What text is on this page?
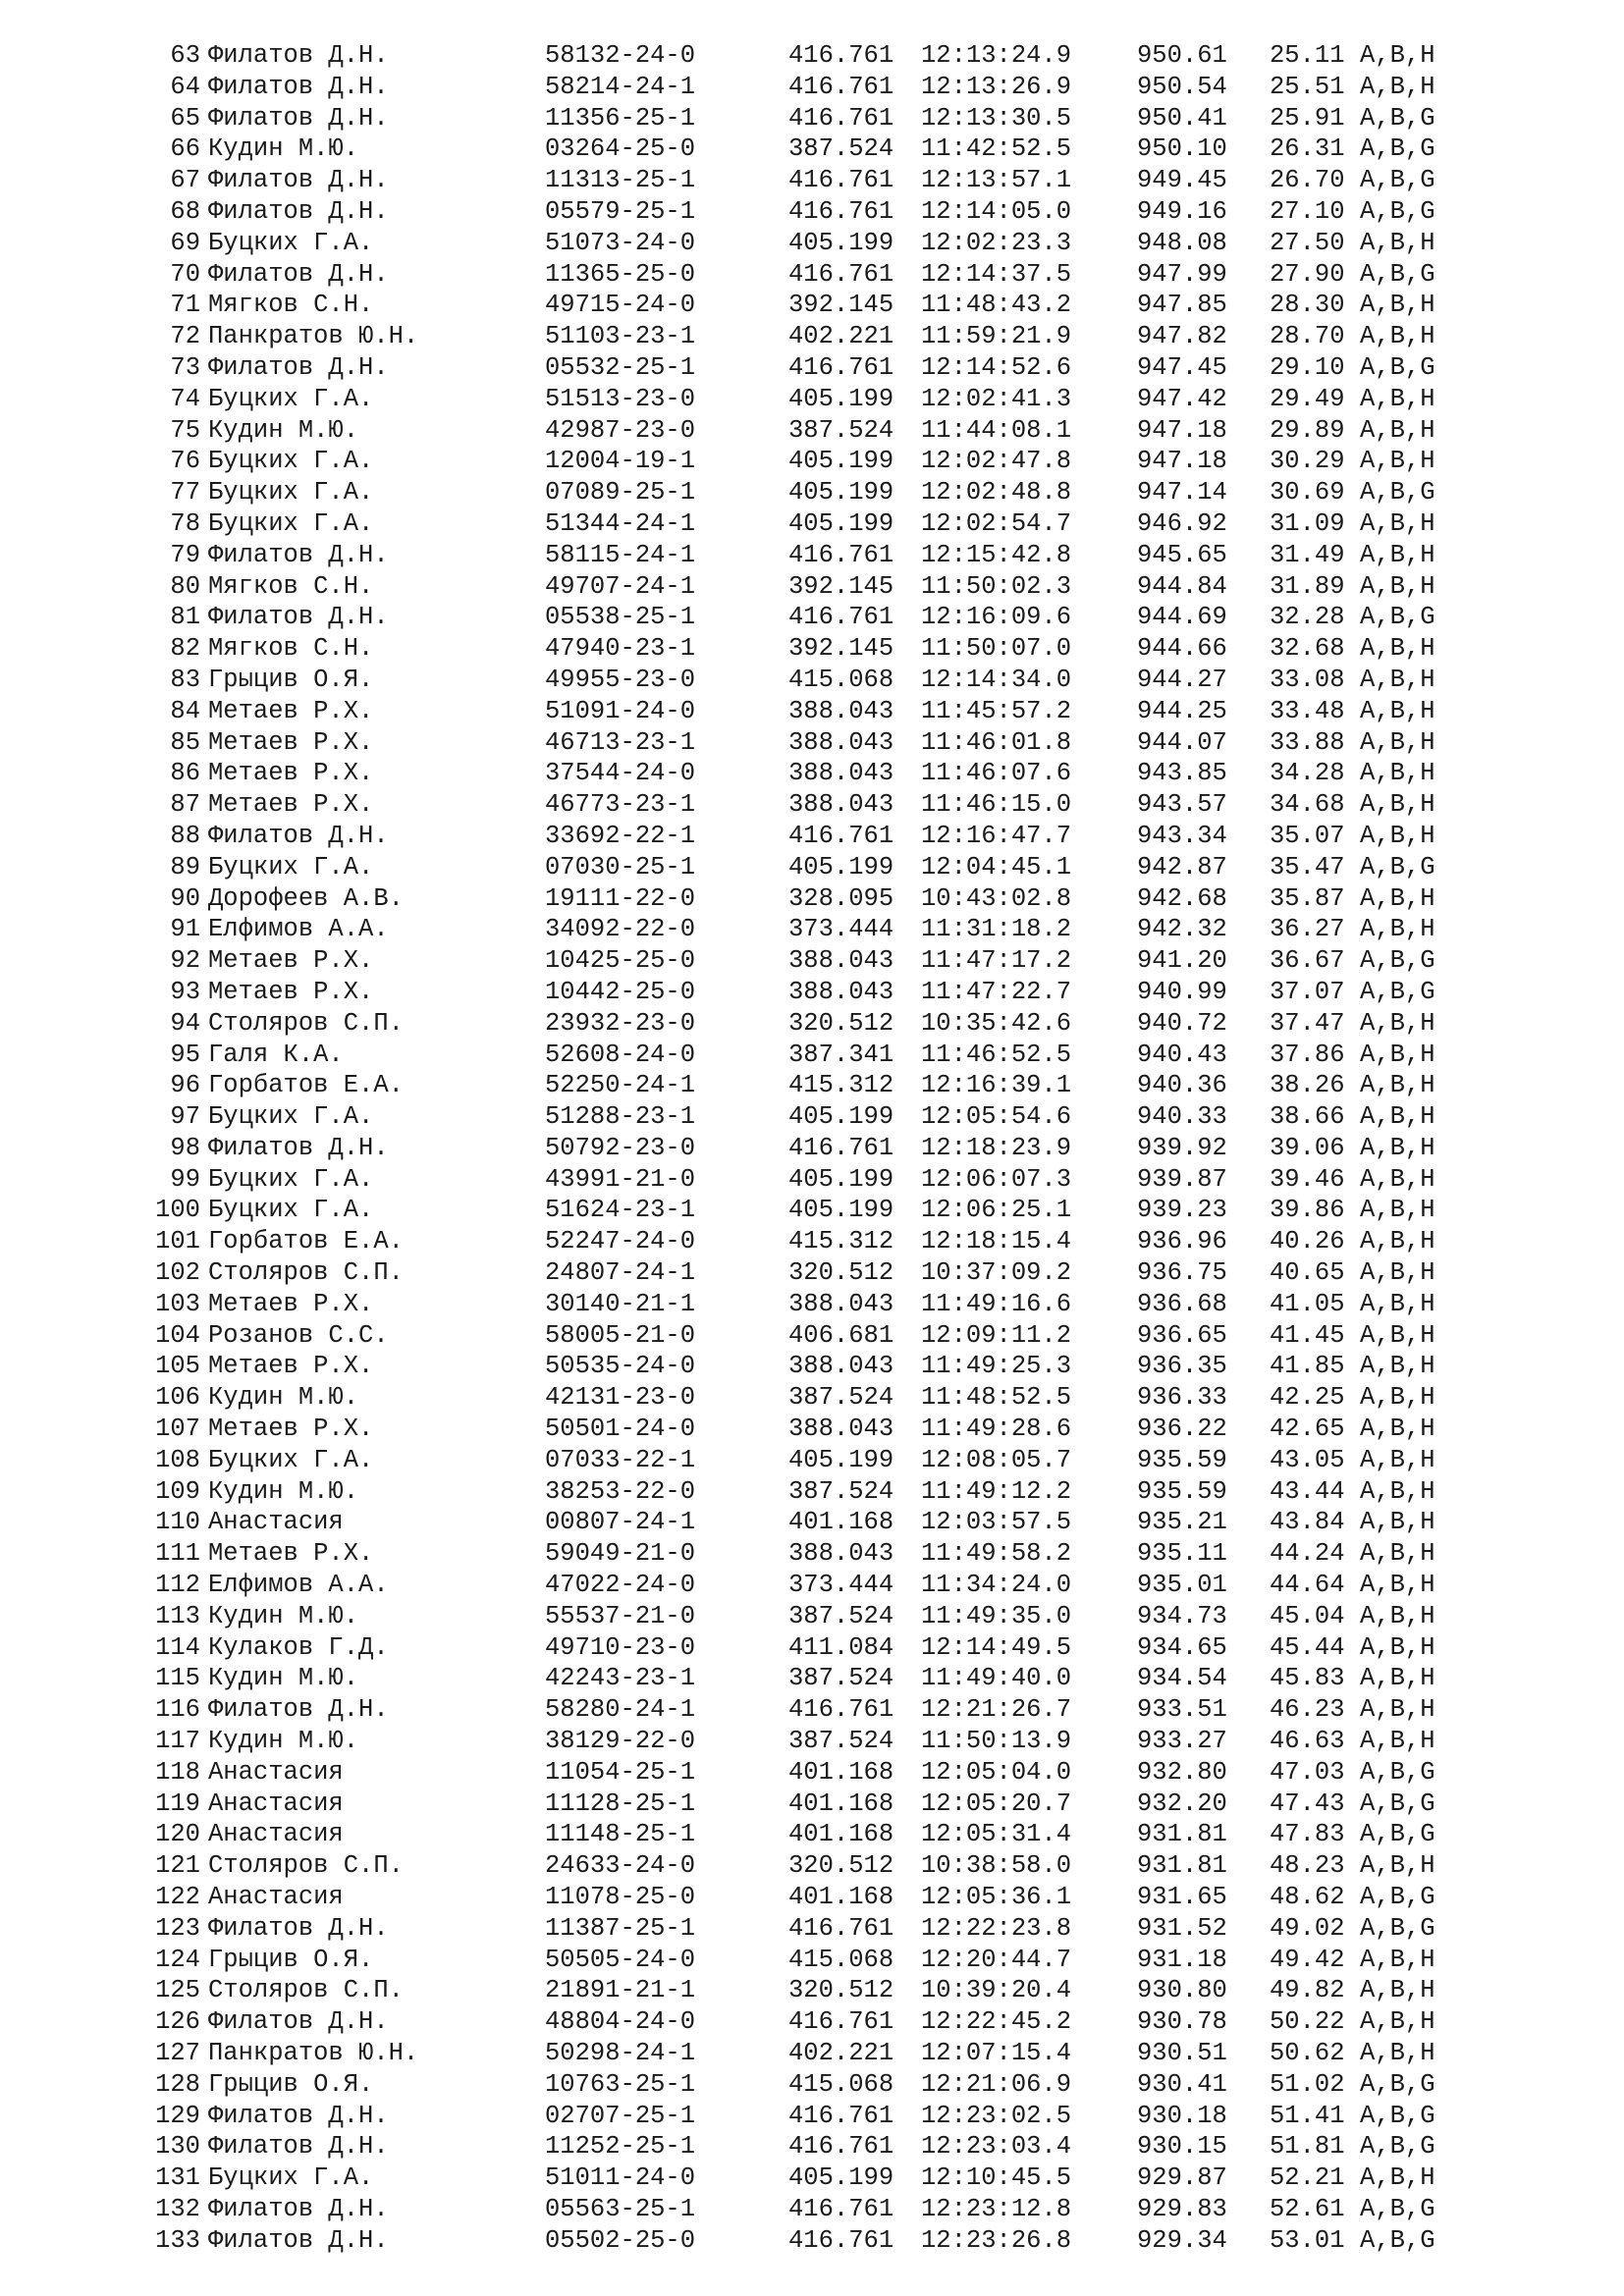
63 Филатов Д.Н.	58132-24-0	416.761 12:13:24.9	950.61 25.11 A,B,H
64 Филатов Д.Н.	58214-24-1	416.761 12:13:26.9	950.54 25.51 A,B,H
65 Филатов Д.Н.	11356-25-1	416.761 12:13:30.5	950.41 25.91 A,B,G
66 Кудин М.Ю.	03264-25-0	387.524 11:42:52.5	950.10 26.31 A,B,G
67 Филатов Д.Н.	11313-25-1	416.761 12:13:57.1	949.45 26.70 A,B,G
68 Филатов Д.Н.	05579-25-1	416.761 12:14:05.0	949.16 27.10 A,B,G
69 Буцких Г.А.	51073-24-0	405.199 12:02:23.3	948.08 27.50 A,B,H
70 Филатов Д.Н.	11365-25-0	416.761 12:14:37.5	947.99 27.90 A,B,G
71 Мягков С.Н.	49715-24-0	392.145 11:48:43.2	947.85 28.30 A,B,H
72 Панкратов Ю.Н.	51103-23-1	402.221 11:59:21.9	947.82 28.70 A,B,H
73 Филатов Д.Н.	05532-25-1	416.761 12:14:52.6	947.45 29.10 A,B,G
74 Буцких Г.А.	51513-23-0	405.199 12:02:41.3	947.42 29.49 A,B,H
75 Кудин М.Ю.	42987-23-0	387.524 11:44:08.1	947.18 29.89 A,B,H
76 Буцких Г.А.	12004-19-1	405.199 12:02:47.8	947.18 30.29 A,B,H
77 Буцких Г.А.	07089-25-1	405.199 12:02:48.8	947.14 30.69 A,B,G
78 Буцких Г.А.	51344-24-1	405.199 12:02:54.7	946.92 31.09 A,B,H
79 Филатов Д.Н.	58115-24-1	416.761 12:15:42.8	945.65 31.49 A,B,H
80 Мягков С.Н.	49707-24-1	392.145 11:50:02.3	944.84 31.89 A,B,H
81 Филатов Д.Н.	05538-25-1	416.761 12:16:09.6	944.69 32.28 A,B,G
82 Мягков С.Н.	47940-23-1	392.145 11:50:07.0	944.66 32.68 A,B,H
83 Грыцив О.Я.	49955-23-0	415.068 12:14:34.0	944.27 33.08 A,B,H
84 Метаев Р.Х.	51091-24-0	388.043 11:45:57.2	944.25 33.48 A,B,H
85 Метаев Р.Х.	46713-23-1	388.043 11:46:01.8	944.07 33.88 A,B,H
86 Метаев Р.Х.	37544-24-0	388.043 11:46:07.6	943.85 34.28 A,B,H
87 Метаев Р.Х.	46773-23-1	388.043 11:46:15.0	943.57 34.68 A,B,H
88 Филатов Д.Н.	33692-22-1	416.761 12:16:47.7	943.34 35.07 A,B,H
89 Буцких Г.А.	07030-25-1	405.199 12:04:45.1	942.87 35.47 A,B,G
90 Дорофеев А.В.	19111-22-0	328.095 10:43:02.8	942.68 35.87 A,B,H
91 Елфимов А.А.	34092-22-0	373.444 11:31:18.2	942.32 36.27 A,B,H
92 Метаев Р.Х.	10425-25-0	388.043 11:47:17.2	941.20 36.67 A,B,G
93 Метаев Р.Х.	10442-25-0	388.043 11:47:22.7	940.99 37.07 A,B,G
94 Столяров С.П.	23932-23-0	320.512 10:35:42.6	940.72 37.47 A,B,H
95 Галя К.А.	52608-24-0	387.341 11:46:52.5	940.43 37.86 A,B,H
96 Горбатов Е.А.	52250-24-1	415.312 12:16:39.1	940.36 38.26 A,B,H
97 Буцких Г.А.	51288-23-1	405.199 12:05:54.6	940.33 38.66 A,B,H
98 Филатов Д.Н.	50792-23-0	416.761 12:18:23.9	939.92 39.06 A,B,H
99 Буцких Г.А.	43991-21-0	405.199 12:06:07.3	939.87 39.46 A,B,H
100 Буцких Г.А.	51624-23-1	405.199 12:06:25.1	939.23 39.86 A,B,H
101 Горбатов Е.А.	52247-24-0	415.312 12:18:15.4	936.96 40.26 A,B,H
102 Столяров С.П.	24807-24-1	320.512 10:37:09.2	936.75 40.65 A,B,H
103 Метаев Р.Х.	30140-21-1	388.043 11:49:16.6	936.68 41.05 A,B,H
104 Розанов С.С.	58005-21-0	406.681 12:09:11.2	936.65 41.45 A,B,H
105 Метаев Р.Х.	50535-24-0	388.043 11:49:25.3	936.35 41.85 A,B,H
106 Кудин М.Ю.	42131-23-0	387.524 11:48:52.5	936.33 42.25 A,B,H
107 Метаев Р.Х.	50501-24-0	388.043 11:49:28.6	936.22 42.65 A,B,H
108 Буцких Г.А.	07033-22-1	405.199 12:08:05.7	935.59 43.05 A,B,H
109 Кудин М.Ю.	38253-22-0	387.524 11:49:12.2	935.59 43.44 A,B,H
110 Анастасия	00807-24-1	401.168 12:03:57.5	935.21 43.84 A,B,H
111 Метаев Р.Х.	59049-21-0	388.043 11:49:58.2	935.11 44.24 A,B,H
112 Елфимов А.А.	47022-24-0	373.444 11:34:24.0	935.01 44.64 A,B,H
113 Кудин М.Ю.	55537-21-0	387.524 11:49:35.0	934.73 45.04 A,B,H
114 Кулаков Г.Д.	49710-23-0	411.084 12:14:49.5	934.65 45.44 A,B,H
115 Кудин М.Ю.	42243-23-1	387.524 11:49:40.0	934.54 45.83 A,B,H
116 Филатов Д.Н.	58280-24-1	416.761 12:21:26.7	933.51 46.23 A,B,H
117 Кудин М.Ю.	38129-22-0	387.524 11:50:13.9	933.27 46.63 A,B,H
118 Анастасия	11054-25-1	401.168 12:05:04.0	932.80 47.03 A,B,G
119 Анастасия	11128-25-1	401.168 12:05:20.7	932.20 47.43 A,B,G
120 Анастасия	11148-25-1	401.168 12:05:31.4	931.81 47.83 A,B,G
121 Столяров С.П.	24633-24-0	320.512 10:38:58.0	931.81 48.23 A,B,H
122 Анастасия	11078-25-0	401.168 12:05:36.1	931.65 48.62 A,B,G
123 Филатов Д.Н.	11387-25-1	416.761 12:22:23.8	931.52 49.02 A,B,G
124 Грыцив О.Я.	50505-24-0	415.068 12:20:44.7	931.18 49.42 A,B,H
125 Столяров С.П.	21891-21-1	320.512 10:39:20.4	930.80 49.82 A,B,H
126 Филатов Д.Н.	48804-24-0	416.761 12:22:45.2	930.78 50.22 A,B,H
127 Панкратов Ю.Н.	50298-24-1	402.221 12:07:15.4	930.51 50.62 A,B,H
128 Грыцив О.Я.	10763-25-1	415.068 12:21:06.9	930.41 51.02 A,B,G
129 Филатов Д.Н.	02707-25-1	416.761 12:23:02.5	930.18 51.41 A,B,G
130 Филатов Д.Н.	11252-25-1	416.761 12:23:03.4	930.15 51.81 A,B,G
131 Буцких Г.А.	51011-24-0	405.199 12:10:45.5	929.87 52.21 A,B,H
132 Филатов Д.Н.	05563-25-1	416.761 12:23:12.8	929.83 52.61 A,B,G
133 Филатов Д.Н.	05502-25-0	416.761 12:23:26.8	929.34 53.01 A,B,G
